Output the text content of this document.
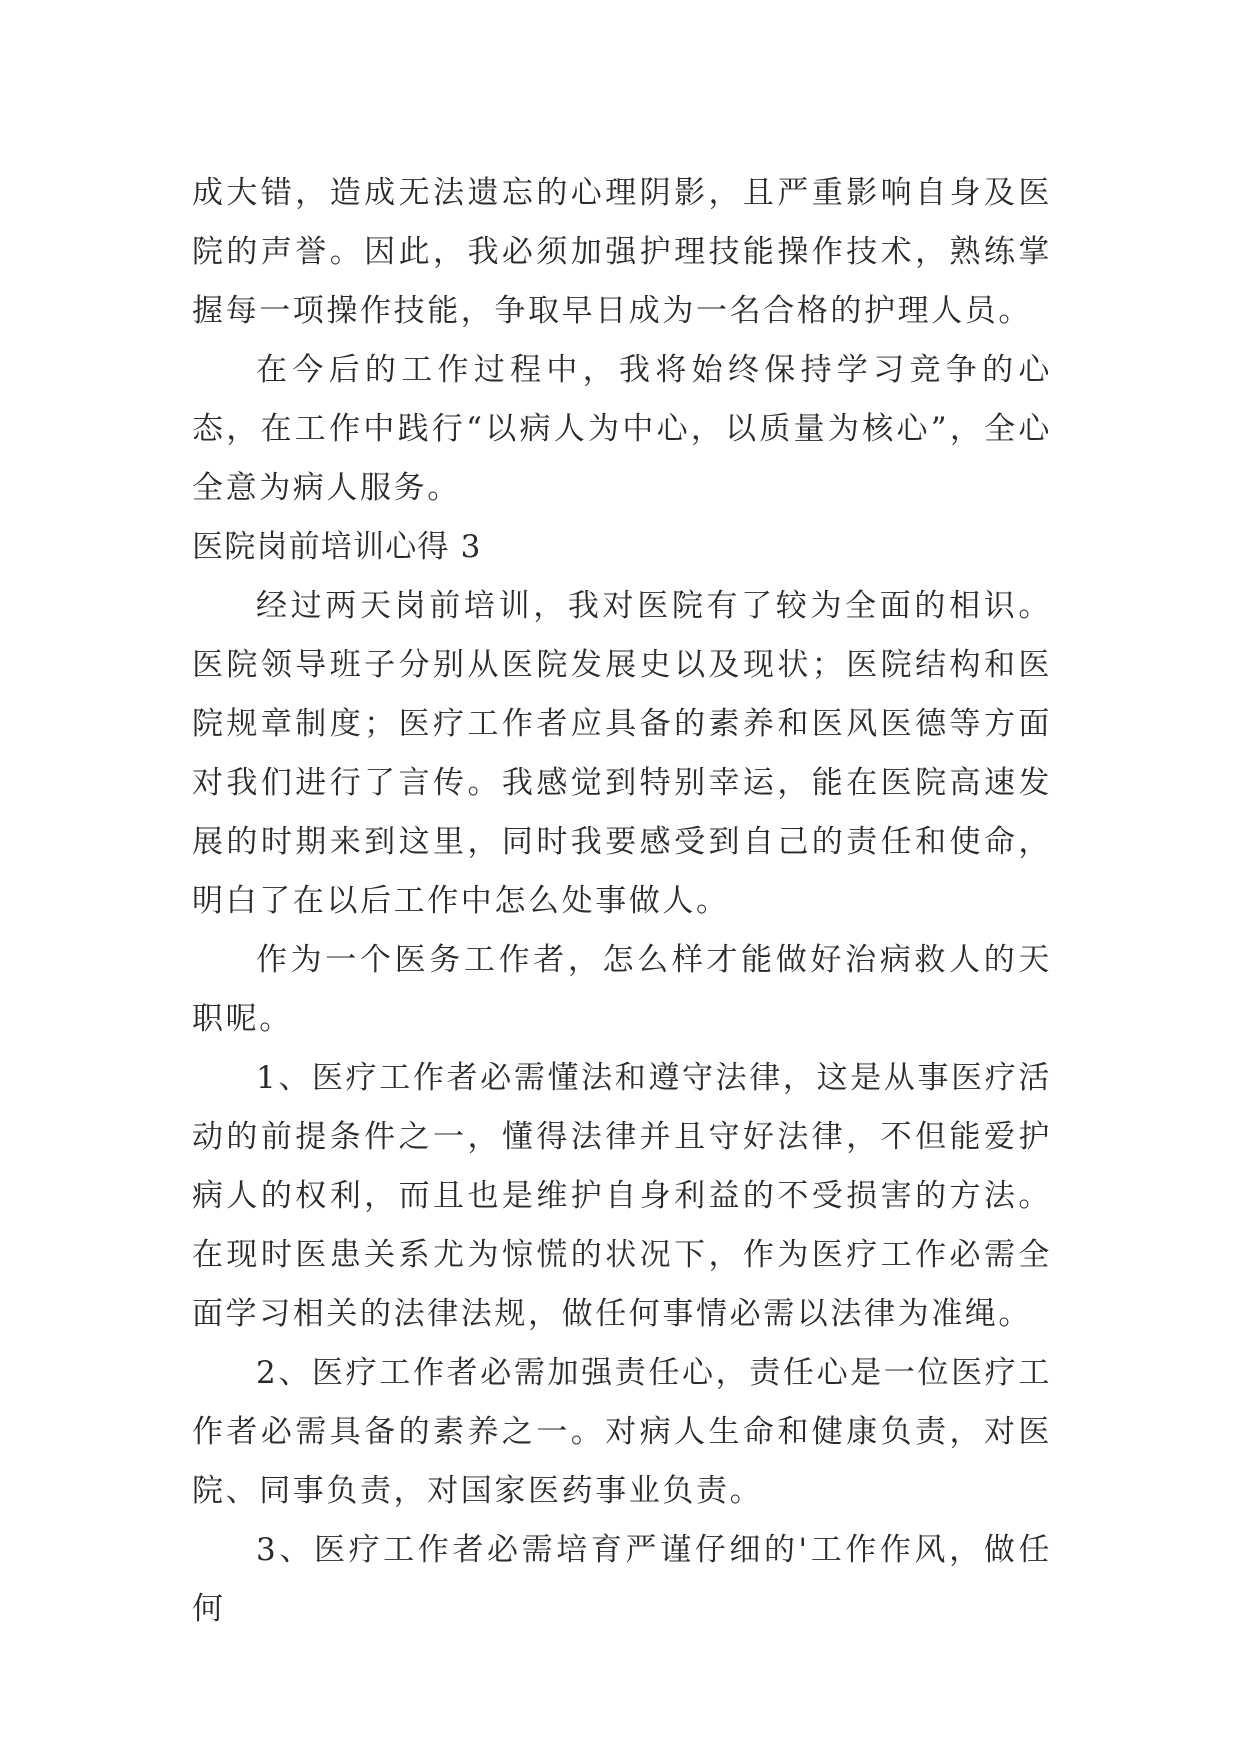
成大错，造成无法遗忘的心理阴影，且严重影响自身及医院的声誉。因此，我必须加强护理技能操作技术，熟练掌握每一项操作技能，争取早日成为一名合格的护理人员。

在今后的工作过程中，我将始终保持学习竞争的心态，在工作中践行“以病人为中心，以质量为核心”，全心全意为病人服务。

医院岗前培训心得 3

经过两天岗前培训，我对医院有了较为全面的相识。医院领导班子分别从医院发展史以及现状；医院结构和医院规章制度；医疗工作者应具备的素养和医风医德等方面对我们进行了言传。我感觉到特别幸运，能在医院高速发展的时期来到这里，同时我要感受到自己的责任和使命，明白了在以后工作中怎么处事做人。

作为一个医务工作者，怎么样才能做好治病救人的天职呢。

1、医疗工作者必需懂法和遵守法律，这是从事医疗活动的前提条件之一，懂得法律并且守好法律，不但能爱护病人的权利，而且也是维护自身利益的不受损害的方法。在现时医患关系尤为惊慌的状况下，作为医疗工作必需全面学习相关的法律法规，做任何事情必需以法律为准绳。

2、医疗工作者必需加强责任心，责任心是一位医疗工作者必需具备的素养之一。对病人生命和健康负责，对医院、同事负责，对国家医药事业负责。

3、医疗工作者必需培育严谨仔细的'工作作风，做任何
